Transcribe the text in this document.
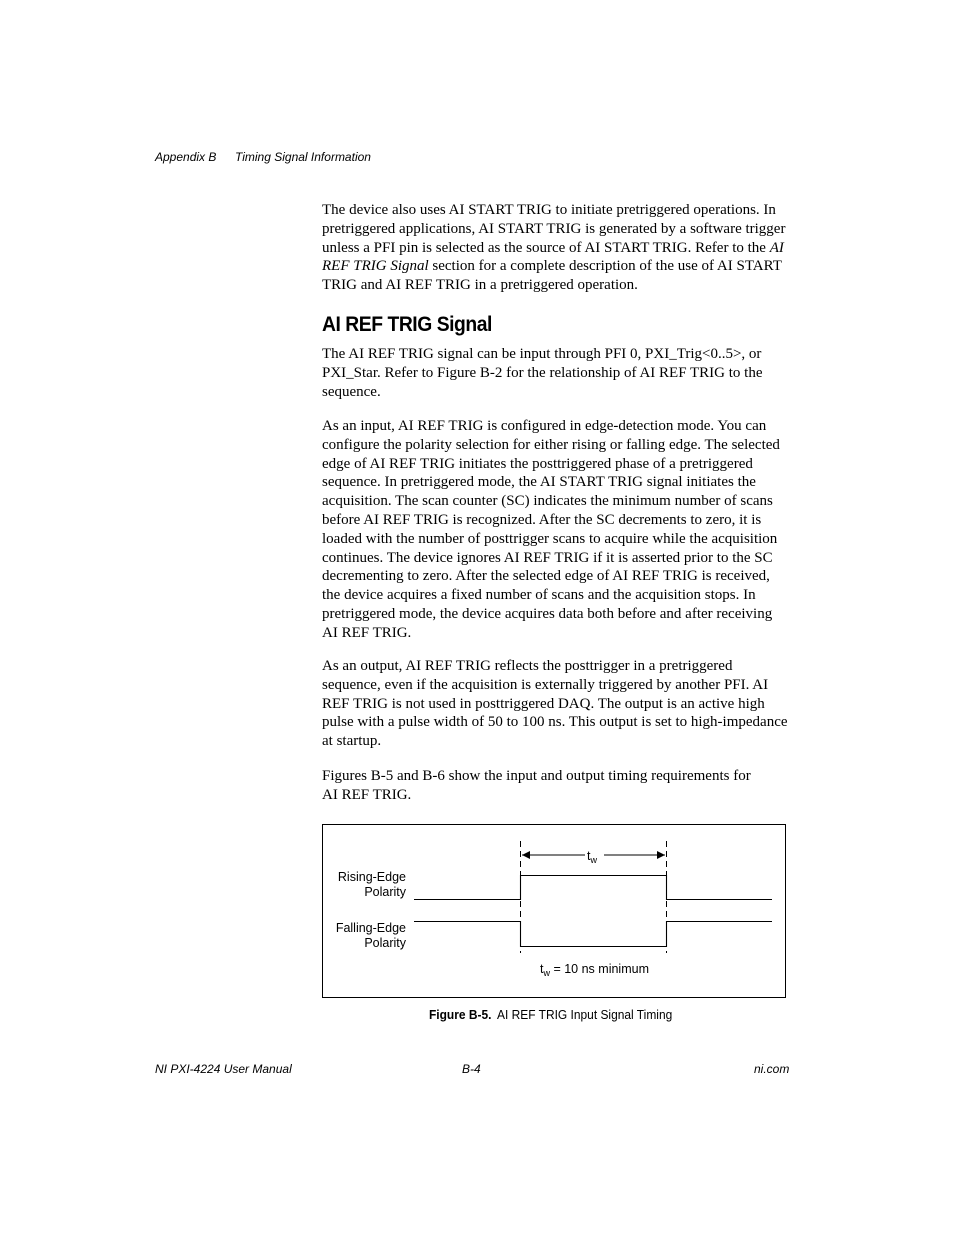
Appendix B Timing Signal Information

The device also uses AI START TRIG to initiate pretriggered operations. In pretriggered applications, AI START TRIG is generated by a software trigger unless a PFI pin is selected as the source of AI START TRIG. Refer to the AI REF TRIG Signal section for a complete description of the use of AI START TRIG and AI REF TRIG in a pretriggered operation.

AI REF TRIG Signal

The AI REF TRIG signal can be input through PFI 0, PXI_Trig<0..5>, or PXI_Star. Refer to Figure B-2 for the relationship of AI REF TRIG to the sequence.

As an input, AI REF TRIG is configured in edge-detection mode. You can configure the polarity selection for either rising or falling edge. The selected edge of AI REF TRIG initiates the posttriggered phase of a pretriggered sequence. In pretriggered mode, the AI START TRIG signal initiates the acquisition. The scan counter (SC) indicates the minimum number of scans before AI REF TRIG is recognized. After the SC decrements to zero, it is loaded with the number of posttrigger scans to acquire while the acquisition continues. The device ignores AI REF TRIG if it is asserted prior to the SC decrementing to zero. After the selected edge of AI REF TRIG is received, the device acquires a fixed number of scans and the acquisition stops. In pretriggered mode, the device acquires data both before and after receiving AI REF TRIG.

As an output, AI REF TRIG reflects the posttrigger in a pretriggered sequence, even if the acquisition is externally triggered by another PFI. AI REF TRIG is not used in posttriggered DAQ. The output is an active high pulse with a pulse width of 50 to 100 ns. This output is set to high-impedance at startup.

Figures B-5 and B-6 show the input and output timing requirements for AI REF TRIG.

$t_w$
Rising-Edge
Polarity
Falling-Edge
Polarity
$t_w = 10$ ns minimum
Figure B-5. AI REF TRIG Input Signal Timing
NI PXI-4224 User Manual	B-4	ni.com
